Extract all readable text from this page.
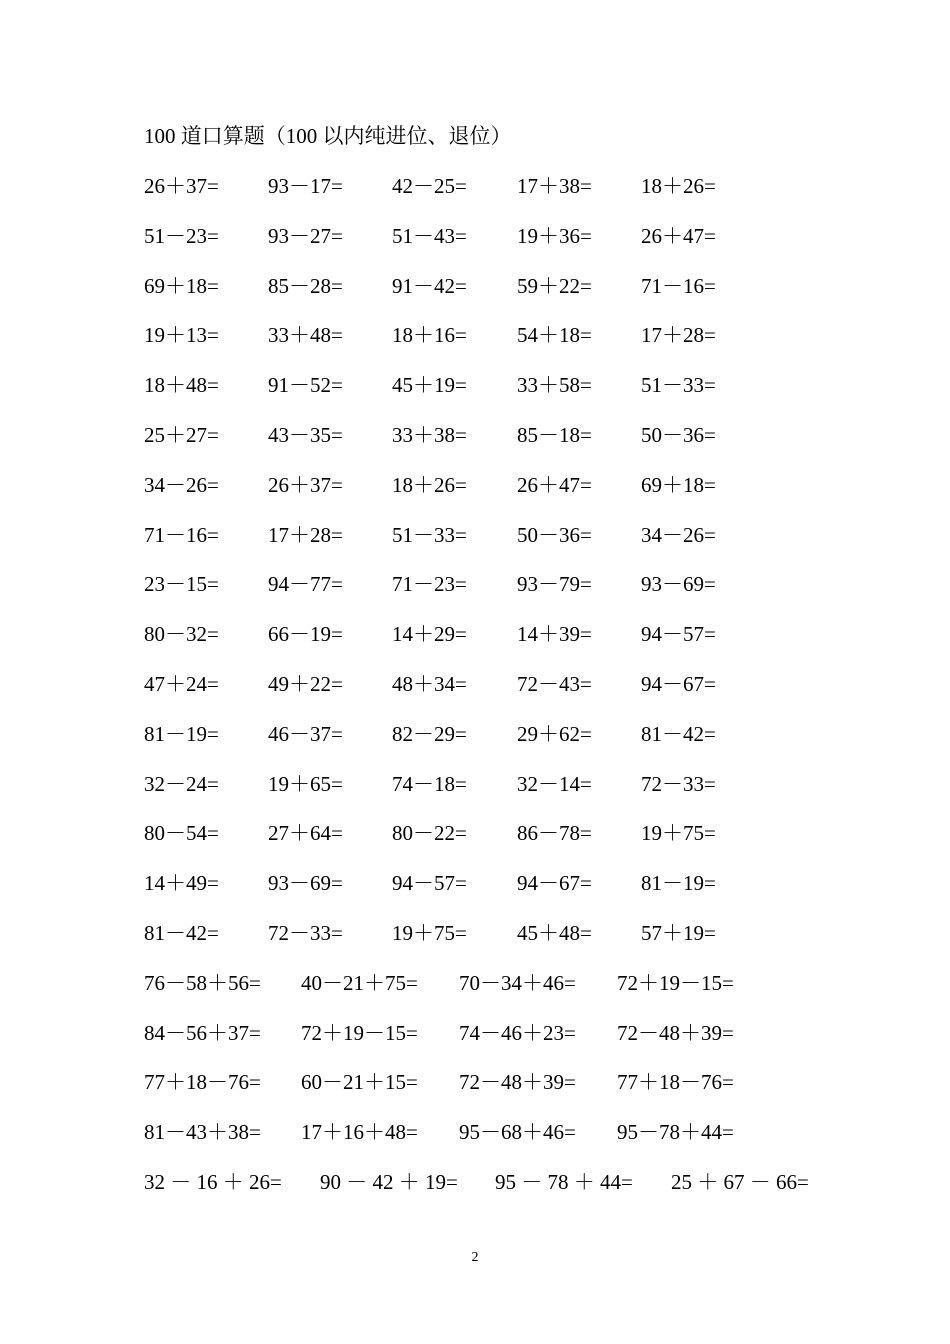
100 道口算题（100 以内纯进位、退位）
26＋37= 93－17= 42－25= 17＋38= 18＋26=
51－23= 93－27= 51－43= 19＋36= 26＋47=
69＋18= 85－28= 91－42= 59＋22= 71－16=
19＋13= 33＋48= 18＋16= 54＋18= 17＋28=
18＋48= 91－52= 45＋19= 33＋58= 51－33=
25＋27= 43－35= 33＋38= 85－18= 50－36=
34－26= 26＋37= 18＋26= 26＋47= 69＋18=
71－16= 17＋28= 51－33= 50－36= 34－26=
23－15= 94－77= 71－23= 93－79= 93－69=
80－32= 66－19= 14＋29= 14＋39= 94－57=
47＋24= 49＋22= 48＋34= 72－43= 94－67=
81－19= 46－37= 82－29= 29＋62= 81－42=
32－24= 19＋65= 74－18= 32－14= 72－33=
80－54= 27＋64= 80－22= 86－78= 19＋75=
14＋49= 93－69= 94－57= 94－67= 81－19=
81－42= 72－33= 19＋75= 45＋48= 57＋19=
76－58＋56= 40－21＋75= 70－34＋46= 72＋19－15=
84－56＋37= 72＋19－15= 74－46＋23= 72－48＋39=
77＋18－76= 60－21＋15= 72－48＋39= 77＋18－76=
81－43＋38= 17＋16＋48= 95－68＋46= 95－78＋44=
32 － 16 ＋ 26= 90 － 42 ＋ 19= 95 － 78 ＋ 44= 25 ＋ 67 － 66=
2
